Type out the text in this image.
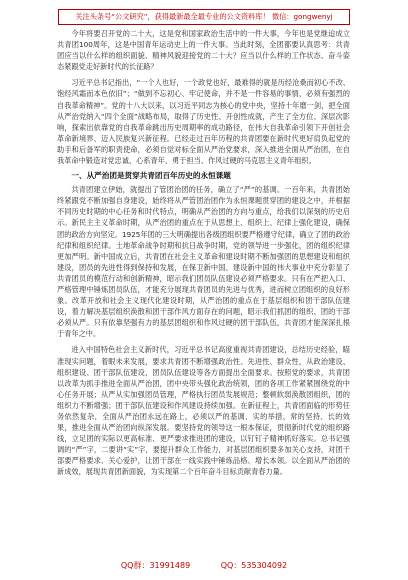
关注头条号“公文研究”，获得最新最全最专业的公文资料库！ 微信：gongwenyj

今年将要召开党的二十大，这是党和国家政治生活中的一件大事，今年也是党继迨成立共青团100周年，这是中国青年运动史上的一件大事。当此时刻，全团都要认真思考：共青团应当以什么样的组织面貌、精神风貌迎接党的二十大？应当以什么样的工作状态、奋斗姿态紧跟党走好新时代的长征路？

习近平总书记指出，“一个人也好，一个政党也好，最难得的就是历经沧桑而初心不改、饱经风霜而本色依旧”；“做到不忘初心、牢记使命，并不是一件容易的事情，必须有强烈的自我革命精神”。党的十八大以来，以习近平同志为核心的党中央，坚持十年磨一剑，把全面从严治党纳入“四个全面”战略布局，取得了历史性、开创性成就，产生了全方位、深层次影响，探索出依靠党的自我革命跳出历史周期率的成功路径，在伟大自我革命引领下开创社会革命新境界、迈入民族复兴新征程。已经走过百年历程的共青团要在新时代更好肩负起党的助手和后备军的职责使命，必须自觉对标全面从严治党要求，深入推进全面从严治团，在自我革命中锻造对党忠诚、心系青年、勇于担当、作风过硬的马克思主义青年组织。

一、从严治团是贯穿共青团百年历史的永恒课题

共青团建立伊始，就提出了管团治团的任务，确立了“严”的基调。一百年来，共青团始终紧跟党不断加强自身建设，始终将从严管团治团作为永恒课题贯穿团的建设之中，并根据不同历史时期的中心任务和时代特点，明确从严治团的方向与重点，给我们以深刻的历史启示。新民主主义革命时期，从严治团的重点在于从思想上、组织上、纪律上强化建设，确保团的政治方向坚定。1925年团的三大明确提出各级团组织要严格遵守纪律，确立了团的政治纪律和组织纪律。土地革命战争时期和抗日战争时期，党的领导进一步强化，团的组织纪律更加严明。新中国成立后，共青团在社会主义革命和建设时期不断加强团的思想建设和组织建设，团员的先进性得到保持和发展，在保卫新中国、建设新中国的伟大事业中充分彰显了共青团员的模范行动和创新精神，昭示我们团员队伍建设必须严格要求。只有在严把入口、严格管理中锤炼团员队伍，才能充分展现共青团员的先进与优秀，进而树立团组织的良好形象。改革开放和社会主义现代化建设时期，从严治团的重点在于基层组织和团干部队伍建设，着力解决基层组织涣散和团干部作风方面存在的问题，昭示我们抓团的组织、团的干部必须从严。只有依靠坚强有力的基层团组织和作风过硬的团干部队伍，共青团才能深深扎根于青年之中。

进入中国特色社会主义新时代，习近平总书记高度重视共青团建设，总结历史经验，瞄准现实问题，着眼未来发展，要求共青团不断增强政治性、先进性、群众性，从政治建设、组织建设、团干部队伍建设、团员队伍建设等各方面提出全面要求。按照党的要求，共青团以改革为抓手推进全面从严治团，团中央带头强化政治统领，团的各项工作紧紧围绕党的中心任务开展；从严从实加强团员管理，严格执行团员发展规范；整顿软弱涣散团组织，团的组织力不断增强；团干部队伍建设和作风建设持续加强。在新征程上，共青团面临的形势任务依然复杂，全面从严治团永远在路上，必须以严的基调、实的举措、常的坚持、长的效果，推进全面从严治团向纵深发展。要坚持党的领导这一根本保证，贯彻新时代党的组织路线，立足团的实际以更高标准、更严要求推进团的建设，以钉钉子精神抓好落实。总书记强调的“严”字，二要讲“实”字，要提升群众工作能力，对基层团组织要多加关心支持，对团干部要严格要求、关心爱护，让团干部在一线实践中锤炼品格、增长本领。以全面从严治团的新成效，展现共青团新面貌，为实现第二个百年奋斗目标贡献青春力量。

QQ群：31991489	QQ：535304092
